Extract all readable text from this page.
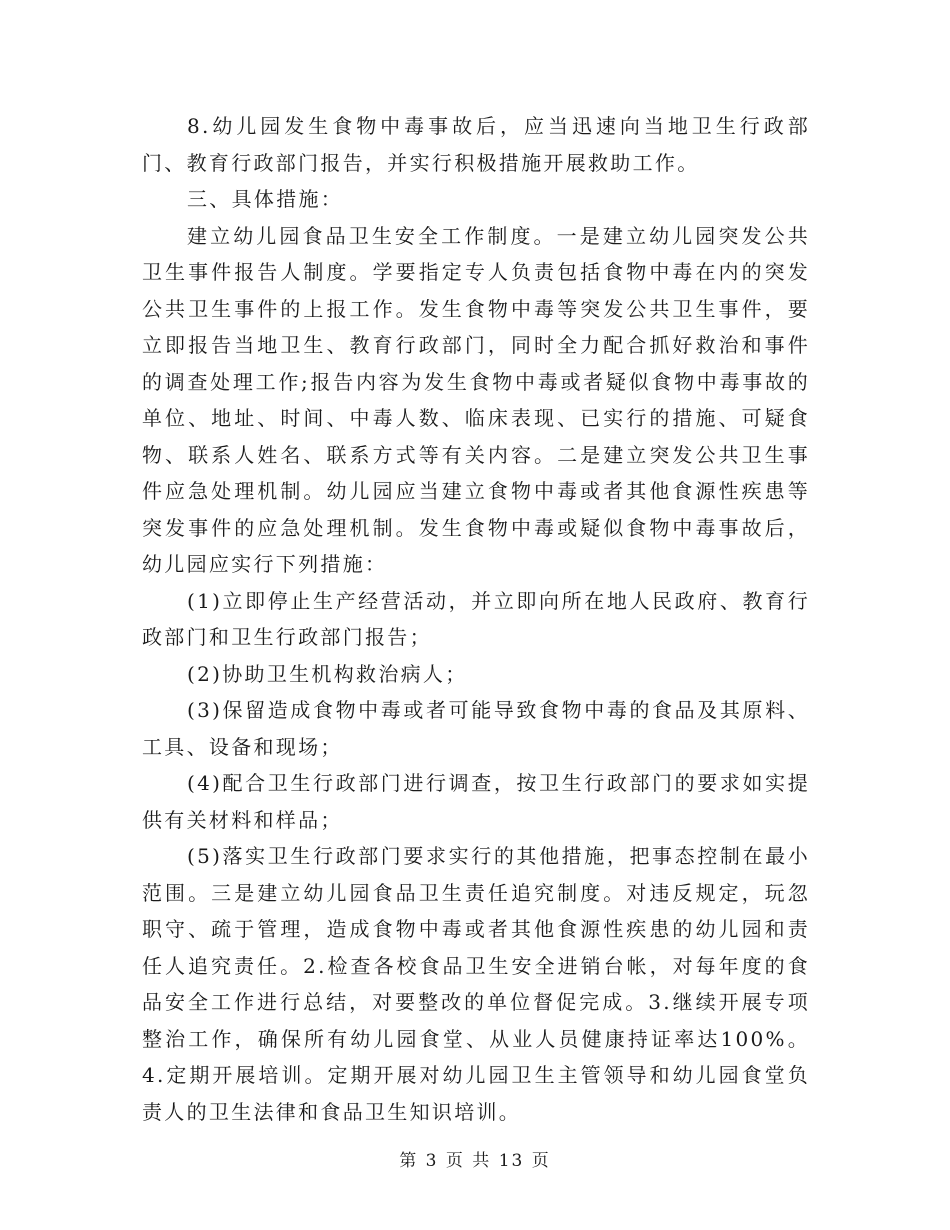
8.幼儿园发生食物中毒事故后，应当迅速向当地卫生行政部门、教育行政部门报告，并实行积极措施开展救助工作。

三、具体措施：

建立幼儿园食品卫生安全工作制度。一是建立幼儿园突发公共卫生事件报告人制度。学要指定专人负责包括食物中毒在内的突发公共卫生事件的上报工作。发生食物中毒等突发公共卫生事件，要立即报告当地卫生、教育行政部门，同时全力配合抓好救治和事件的调查处理工作;报告内容为发生食物中毒或者疑似食物中毒事故的单位、地址、时间、中毒人数、临床表现、已实行的措施、可疑食物、联系人姓名、联系方式等有关内容。二是建立突发公共卫生事件应急处理机制。幼儿园应当建立食物中毒或者其他食源性疾患等突发事件的应急处理机制。发生食物中毒或疑似食物中毒事故后，幼儿园应实行下列措施：

(1)立即停止生产经营活动，并立即向所在地人民政府、教育行政部门和卫生行政部门报告；

(2)协助卫生机构救治病人；

(3)保留造成食物中毒或者可能导致食物中毒的食品及其原料、工具、设备和现场；

(4)配合卫生行政部门进行调查，按卫生行政部门的要求如实提供有关材料和样品；

(5)落实卫生行政部门要求实行的其他措施，把事态控制在最小范围。三是建立幼儿园食品卫生责任追究制度。对违反规定，玩忽职守、疏于管理，造成食物中毒或者其他食源性疾患的幼儿园和责任人追究责任。2.检查各校食品卫生安全进销台帐，对每年度的食品安全工作进行总结，对要整改的单位督促完成。3.继续开展专项整治工作，确保所有幼儿园食堂、从业人员健康持证率达100%。4.定期开展培训。定期开展对幼儿园卫生主管领导和幼儿园食堂负责人的卫生法律和食品卫生知识培训。

第 3 页 共 13 页
